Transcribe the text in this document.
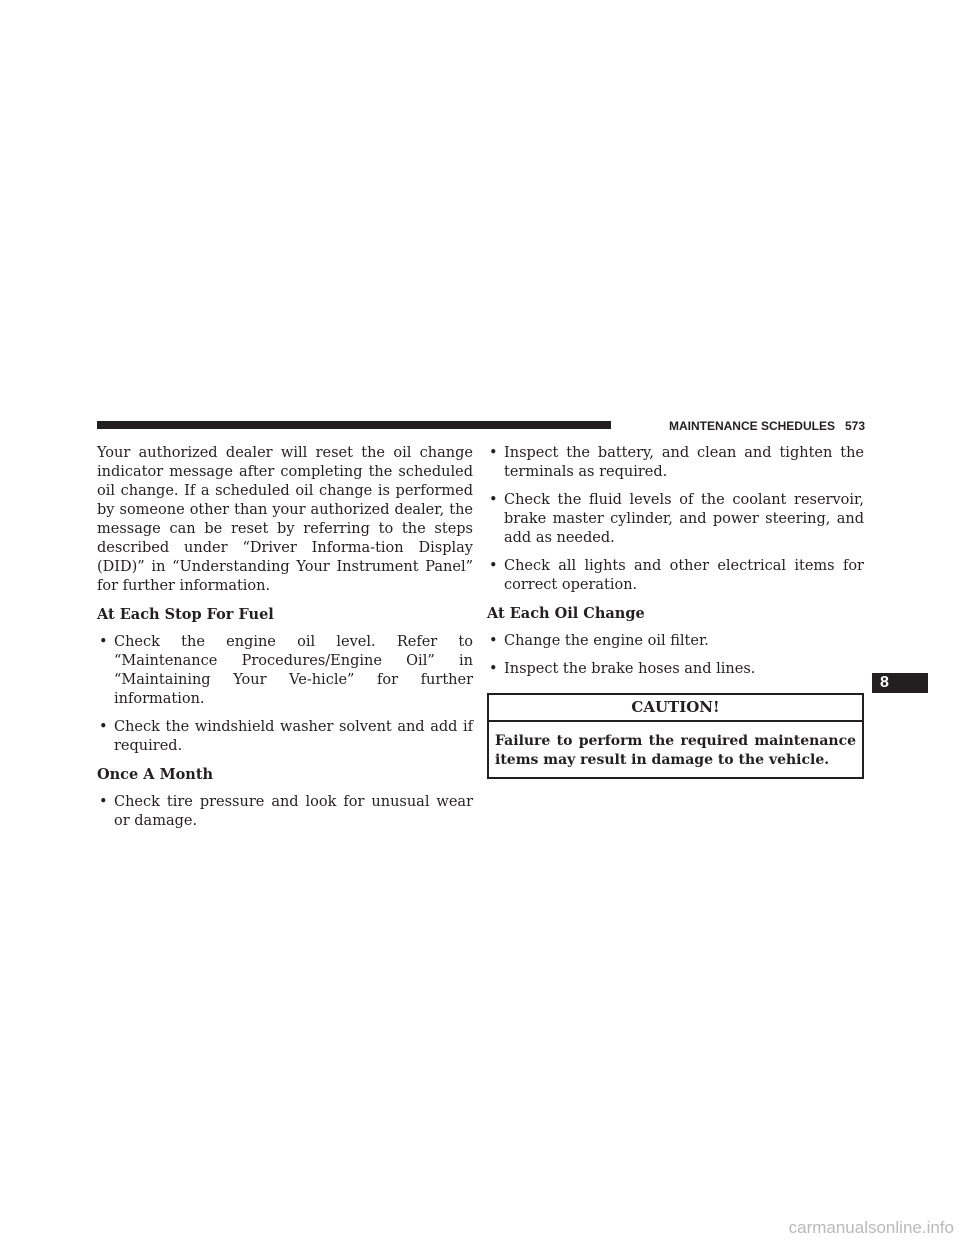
MAINTENANCE SCHEDULES 573

Your authorized dealer will reset the oil change indicator message after completing the scheduled oil change. If a scheduled oil change is performed by someone other than your authorized dealer, the message can be reset by referring to the steps described under “Driver Informa-tion Display (DID)” in “Understanding Your Instrument Panel” for further information.

At Each Stop For Fuel

• Check the engine oil level. Refer to “Maintenance Procedures/Engine Oil” in “Maintaining Your Ve-hicle” for further information.
• Check the windshield washer solvent and add if required.

Once A Month

• Check tire pressure and look for unusual wear or damage.
• Inspect the battery, and clean and tighten the terminals as required.
• Check the fluid levels of the coolant reservoir, brake master cylinder, and power steering, and add as needed.
• Check all lights and other electrical items for correct operation.

At Each Oil Change

• Change the engine oil filter.
• Inspect the brake hoses and lines.
CAUTION!
Failure to perform the required maintenance items may result in damage to the vehicle.
8
carmanualsonline.info
